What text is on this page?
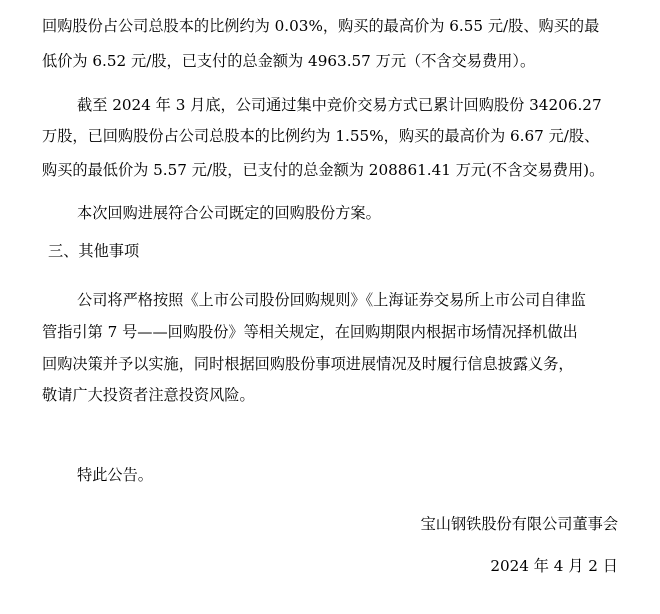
回购股份占公司总股本的比例约为 0.03%，购买的最高价为 6.55 元/股、购买的最
低价为 6.52 元/股，已支付的总金额为 4963.57 万元（不含交易费用）。
截至 2024 年 3 月底，公司通过集中竞价交易方式已累计回购股份 34206.27
万股，已回购股份占公司总股本的比例约为 1.55%，购买的最高价为 6.67 元/股、
购买的最低价为 5.57 元/股，已支付的总金额为 208861.41 万元(不含交易费用)。
本次回购进展符合公司既定的回购股份方案。
三、其他事项
公司将严格按照《上市公司股份回购规则》《上海证券交易所上市公司自律监
管指引第 7 号——回购股份》等相关规定，在回购期限内根据市场情况择机做出
回购决策并予以实施，同时根据回购股份事项进展情况及时履行信息披露义务，
敬请广大投资者注意投资风险。
特此公告。
宝山钢铁股份有限公司董事会
2024 年 4 月 2 日
